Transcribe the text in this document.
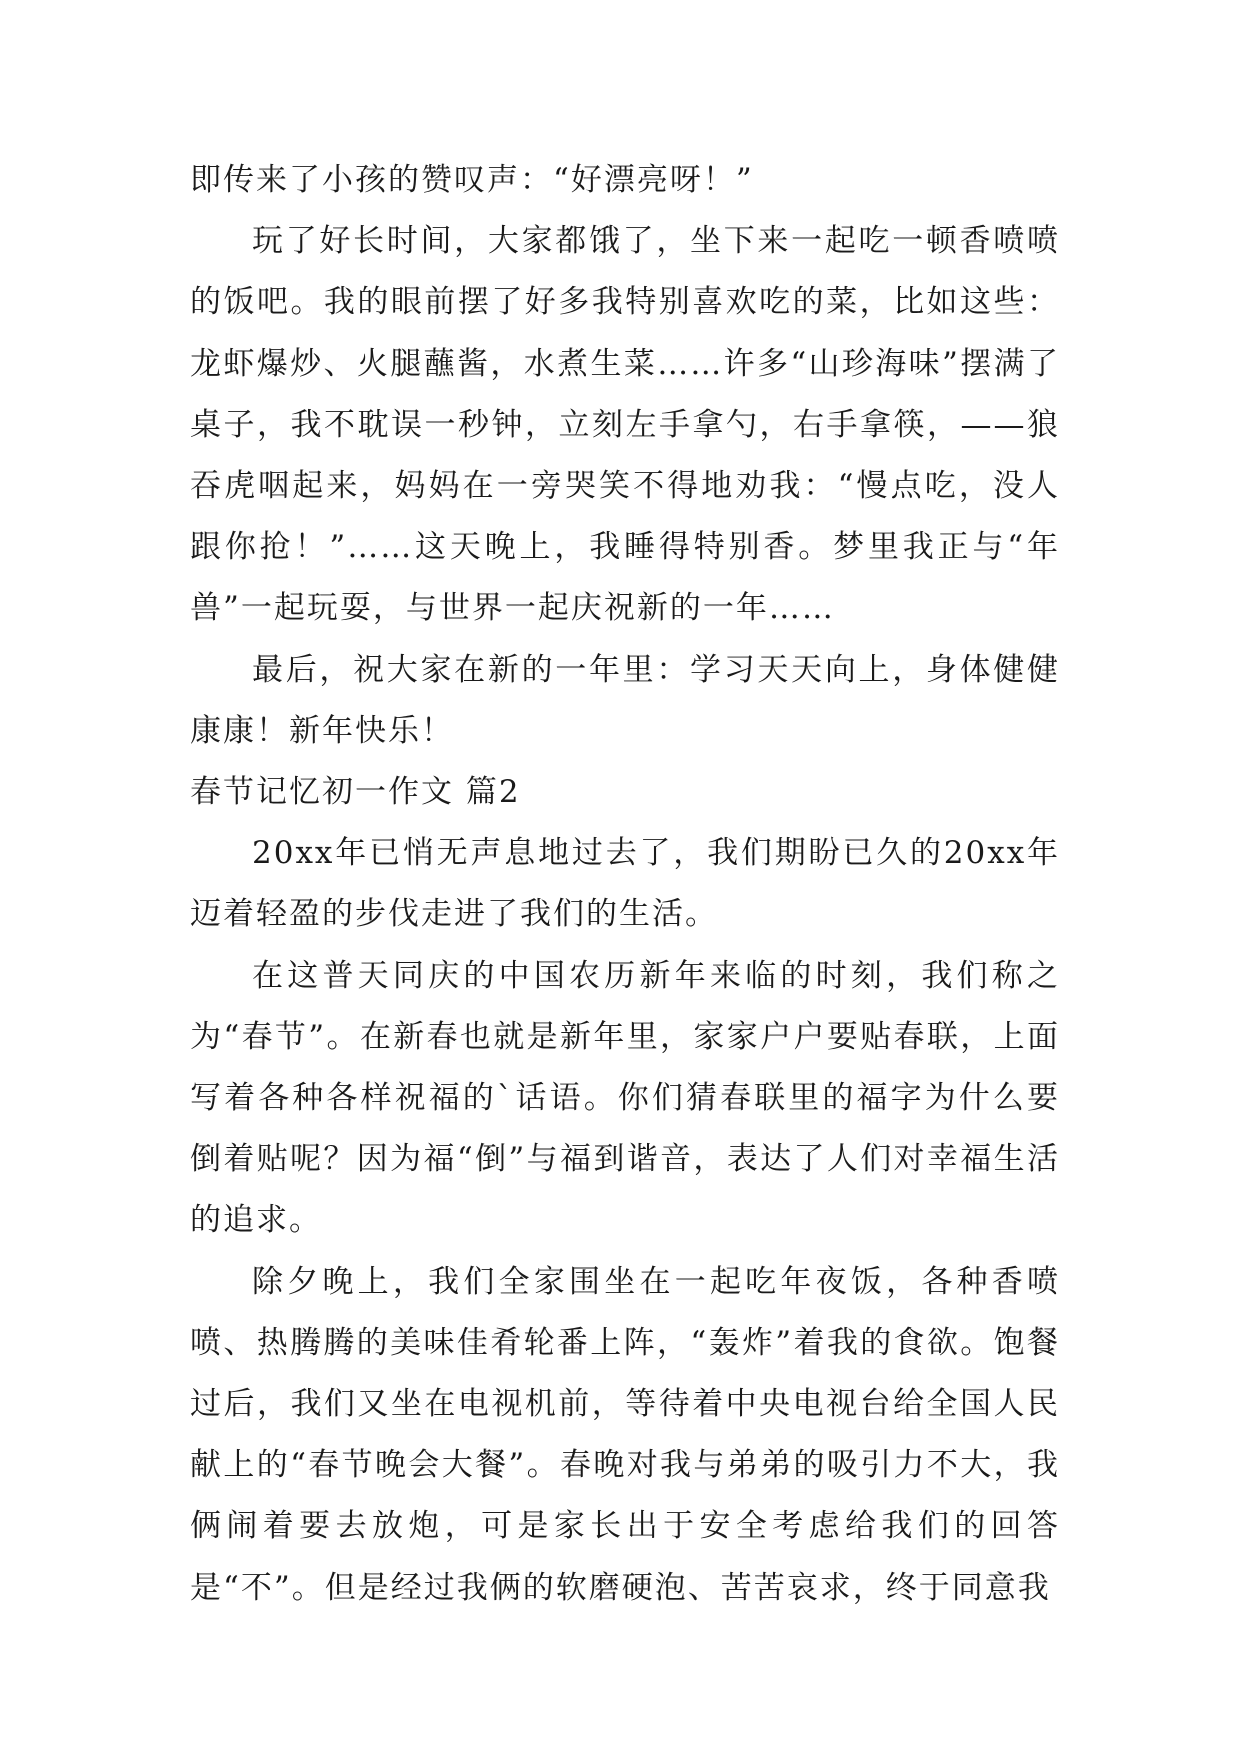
即传来了小孩的赞叹声：“好漂亮呀！”

玩了好长时间，大家都饿了，坐下来一起吃一顿香喷喷的饭吧。我的眼前摆了好多我特别喜欢吃的菜，比如这些：龙虾爆炒、火腿蘸酱，水煮生菜……许多“山珍海味”摆满了桌子，我不耽误一秒钟，立刻左手拿勺，右手拿筷，——狼吞虎咽起来，妈妈在一旁哭笑不得地劝我：“慢点吃，没人跟你抢！”……这天晚上，我睡得特别香。梦里我正与“年兽”一起玩耍，与世界一起庆祝新的一年……

最后，祝大家在新的一年里：学习天天向上，身体健健康康！新年快乐！

春节记忆初一作文 篇2

20xx年已悄无声息地过去了，我们期盼已久的20xx年迈着轻盈的步伐走进了我们的生活。

在这普天同庆的中国农历新年来临的时刻，我们称之为“春节”。在新春也就是新年里，家家户户要贴春联，上面写着各种各样祝福的`话语。你们猜春联里的福字为什么要倒着贴呢？因为福“倒”与福到谐音，表达了人们对幸福生活的追求。

除夕晚上，我们全家围坐在一起吃年夜饭，各种香喷喷、热腾腾的美味佳肴轮番上阵，“轰炸”着我的食欲。饱餐过后，我们又坐在电视机前，等待着中央电视台给全国人民献上的“春节晚会大餐”。春晚对我与弟弟的吸引力不大，我俩闹着要去放炮，可是家长出于安全考虑给我们的回答是“不”。但是经过我俩的软磨硬泡、苦苦哀求，终于同意我
